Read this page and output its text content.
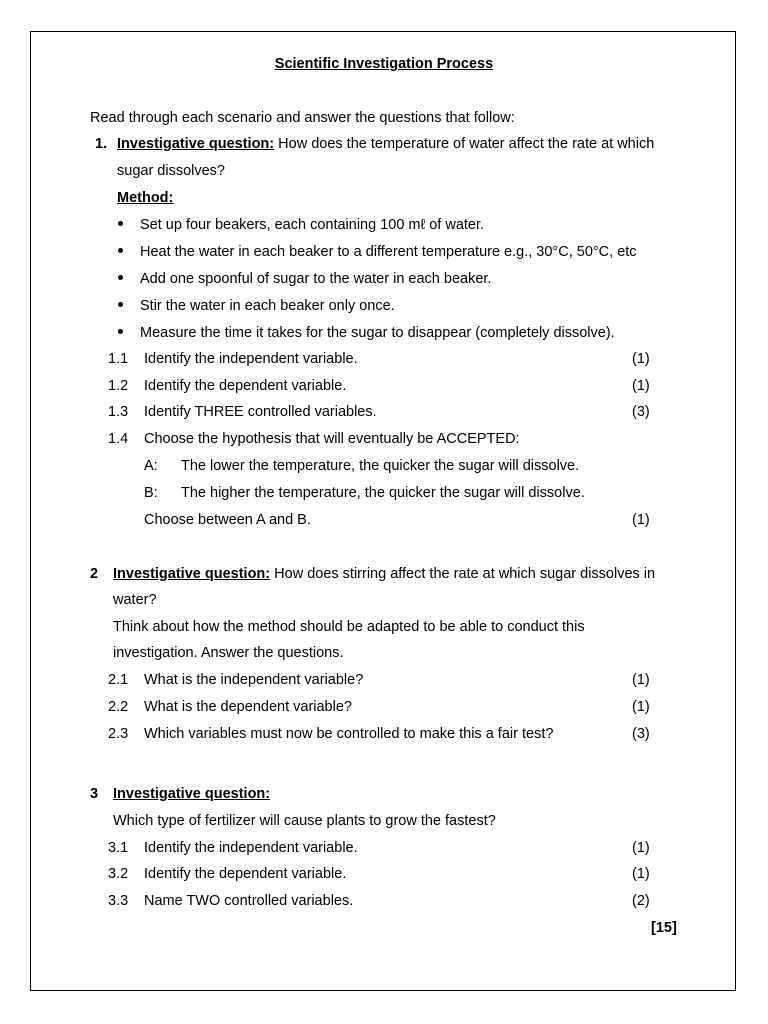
Scientific Investigation Process
Read through each scenario and answer the questions that follow:
1. Investigative question: How does the temperature of water affect the rate at which
sugar dissolves?
Method:
Set up four beakers, each containing 100 mℓ of water.
Heat the water in each beaker to a different temperature e.g., 30°C, 50°C, etc
Add one spoonful of sugar to the water in each beaker.
Stir the water in each beaker only once.
Measure the time it takes for the sugar to disappear (completely dissolve).
1.1 Identify the independent variable.	(1)
1.2 Identify the dependent variable.	(1)
1.3 Identify THREE controlled variables.	(3)
1.4 Choose the hypothesis that will eventually be ACCEPTED:
A: The lower the temperature, the quicker the sugar will dissolve.
B: The higher the temperature, the quicker the sugar will dissolve.
Choose between A and B.	(1)
2 Investigative question: How does stirring affect the rate at which sugar dissolves in
water?
Think about how the method should be adapted to be able to conduct this
investigation. Answer the questions.
2.1 What is the independent variable?	(1)
2.2 What is the dependent variable?	(1)
2.3 Which variables must now be controlled to make this a fair test?	(3)
3 Investigative question:
Which type of fertilizer will cause plants to grow the fastest?
3.1 Identify the independent variable.	(1)
3.2 Identify the dependent variable.	(1)
3.3 Name TWO controlled variables.	(2)
[15]
